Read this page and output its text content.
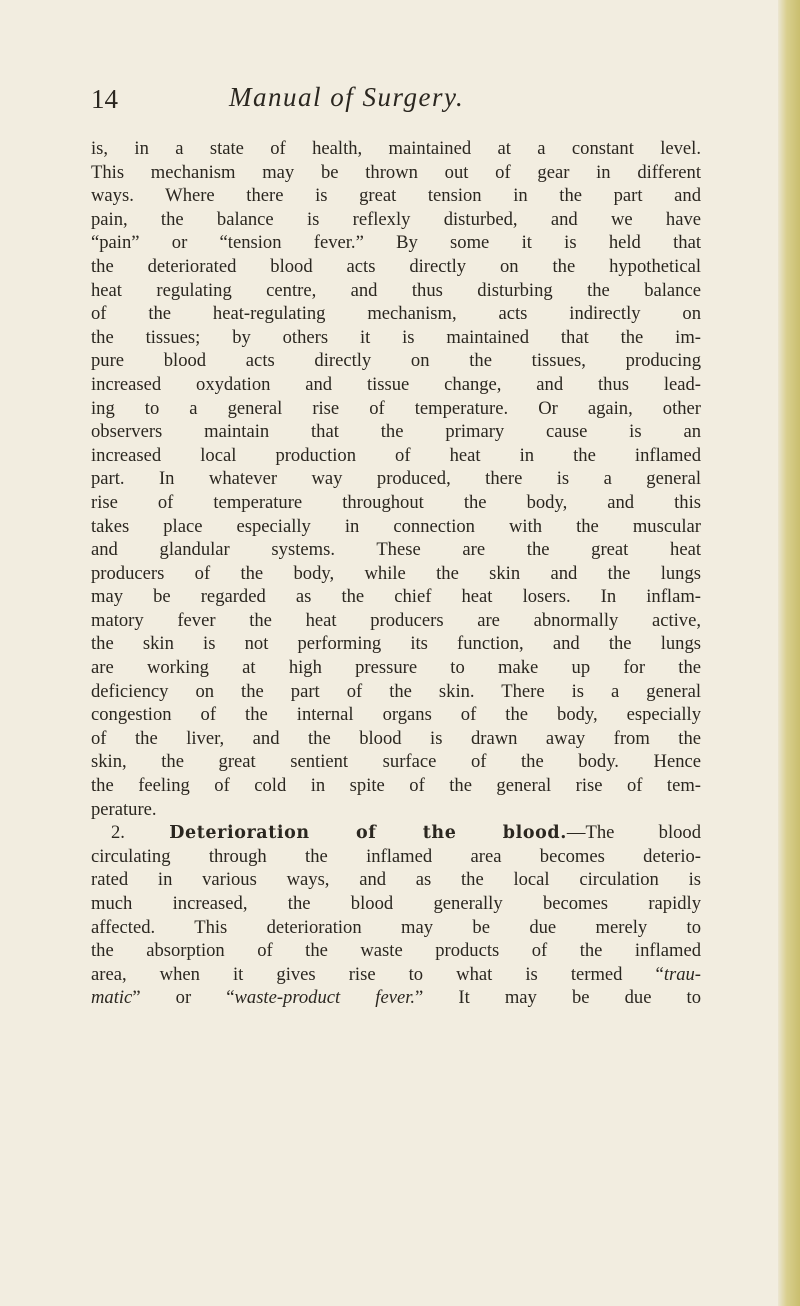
14	Manual of Surgery.
is, in a state of health, maintained at a constant level.
This mechanism may be thrown out of gear in different
ways. Where there is great tension in the part and
pain, the balance is reflexly disturbed, and we have
“pain” or “tension fever.” By some it is held that
the deteriorated blood acts directly on the hypothetical
heat regulating centre, and thus disturbing the balance
of the heat-regulating mechanism, acts indirectly on
the tissues; by others it is maintained that the im-
pure blood acts directly on the tissues, producing
increased oxydation and tissue change, and thus lead-
ing to a general rise of temperature. Or again, other
observers maintain that the primary cause is an
increased local production of heat in the inflamed
part. In whatever way produced, there is a general
rise of temperature throughout the body, and this
takes place especially in connection with the muscular
and glandular systems. These are the great heat
producers of the body, while the skin and the lungs
may be regarded as the chief heat losers. In inflam-
matory fever the heat producers are abnormally active,
the skin is not performing its function, and the lungs
are working at high pressure to make up for the
deficiency on the part of the skin. There is a general
congestion of the internal organs of the body, especially
of the liver, and the blood is drawn away from the
skin, the great sentient surface of the body. Hence
the feeling of cold in spite of the general rise of tem-
perature.
2.	Deterioration of the blood.—The blood
circulating through the inflamed area becomes deterio-
rated in various ways, and as the local circulation is
much increased, the blood generally becomes rapidly
affected. This deterioration may be due merely to
the absorption of the waste products of the inflamed
area, when it gives rise to what is termed “trau-
matic” or “waste-product fever.” It may be due to
